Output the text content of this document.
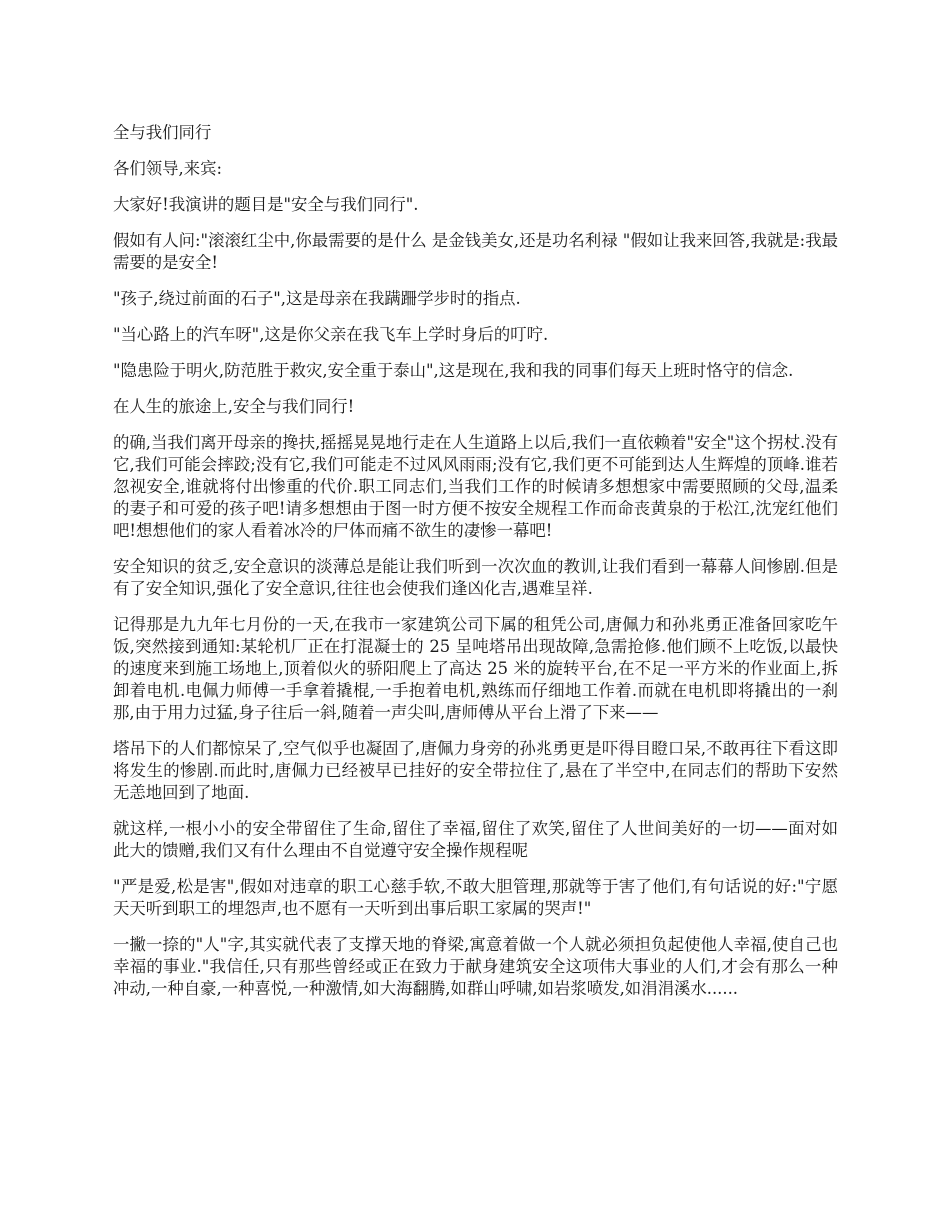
全与我们同行

各们领导,来宾:

大家好!我演讲的题目是"安全与我们同行".

假如有人问:"滚滚红尘中,你最需要的是什么 是金钱美女,还是功名利禄 "假如让我来回答,我就是:我最需要的是安全!

"孩子,绕过前面的石子",这是母亲在我蹒跚学步时的指点.

"当心路上的汽车呀",这是你父亲在我飞车上学时身后的叮咛.

"隐患险于明火,防范胜于救灾,安全重于泰山",这是现在,我和我的同事们每天上班时恪守的信念.

在人生的旅途上,安全与我们同行!

的确,当我们离开母亲的搀扶,摇摇晃晃地行走在人生道路上以后,我们一直依赖着"安全"这个拐杖.没有它,我们可能会摔跤;没有它,我们可能走不过风风雨雨;没有它,我们更不可能到达人生辉煌的顶峰.谁若忽视安全,谁就将付出惨重的代价.职工同志们,当我们工作的时候请多想想家中需要照顾的父母,温柔的妻子和可爱的孩子吧!请多想想由于图一时方便不按安全规程工作而命丧黄泉的于松江,沈宠红他们吧!想想他们的家人看着冰冷的尸体而痛不欲生的凄惨一幕吧!

安全知识的贫乏,安全意识的淡薄总是能让我们听到一次次血的教训,让我们看到一幕幕人间惨剧.但是有了安全知识,强化了安全意识,往往也会使我们逢凶化吉,遇难呈祥.

记得那是九九年七月份的一天,在我市一家建筑公司下属的租凭公司,唐佩力和孙兆勇正准备回家吃午饭,突然接到通知:某轮机厂正在打混凝士的 25 呈吨塔吊出现故障,急需抢修.他们顾不上吃饭,以最快的速度来到施工场地上,顶着似火的骄阳爬上了高达 25 米的旋转平台,在不足一平方米的作业面上,拆卸着电机.电佩力师傅一手拿着撬棍,一手抱着电机,熟练而仔细地工作着.而就在电机即将撬出的一刹那,由于用力过猛,身子往后一斜,随着一声尖叫,唐师傅从平台上滑了下来——

塔吊下的人们都惊呆了,空气似乎也凝固了,唐佩力身旁的孙兆勇更是吓得目瞪口呆,不敢再往下看这即将发生的惨剧.而此时,唐佩力已经被早已挂好的安全带拉住了,悬在了半空中,在同志们的帮助下安然无恙地回到了地面.

就这样,一根小小的安全带留住了生命,留住了幸福,留住了欢笑,留住了人世间美好的一切——面对如此大的馈赠,我们又有什么理由不自觉遵守安全操作规程呢

"严是爱,松是害",假如对违章的职工心慈手软,不敢大胆管理,那就等于害了他们,有句话说的好:"宁愿天天听到职工的埋怨声,也不愿有一天听到出事后职工家属的哭声!"

一撇一捺的"人"字,其实就代表了支撑天地的脊梁,寓意着做一个人就必须担负起使他人幸福,使自己也幸福的事业."我信任,只有那些曾经或正在致力于献身建筑安全这项伟大事业的人们,才会有那么一种冲动,一种自豪,一种喜悦,一种激情,如大海翻腾,如群山呼啸,如岩浆喷发,如涓涓溪水......
